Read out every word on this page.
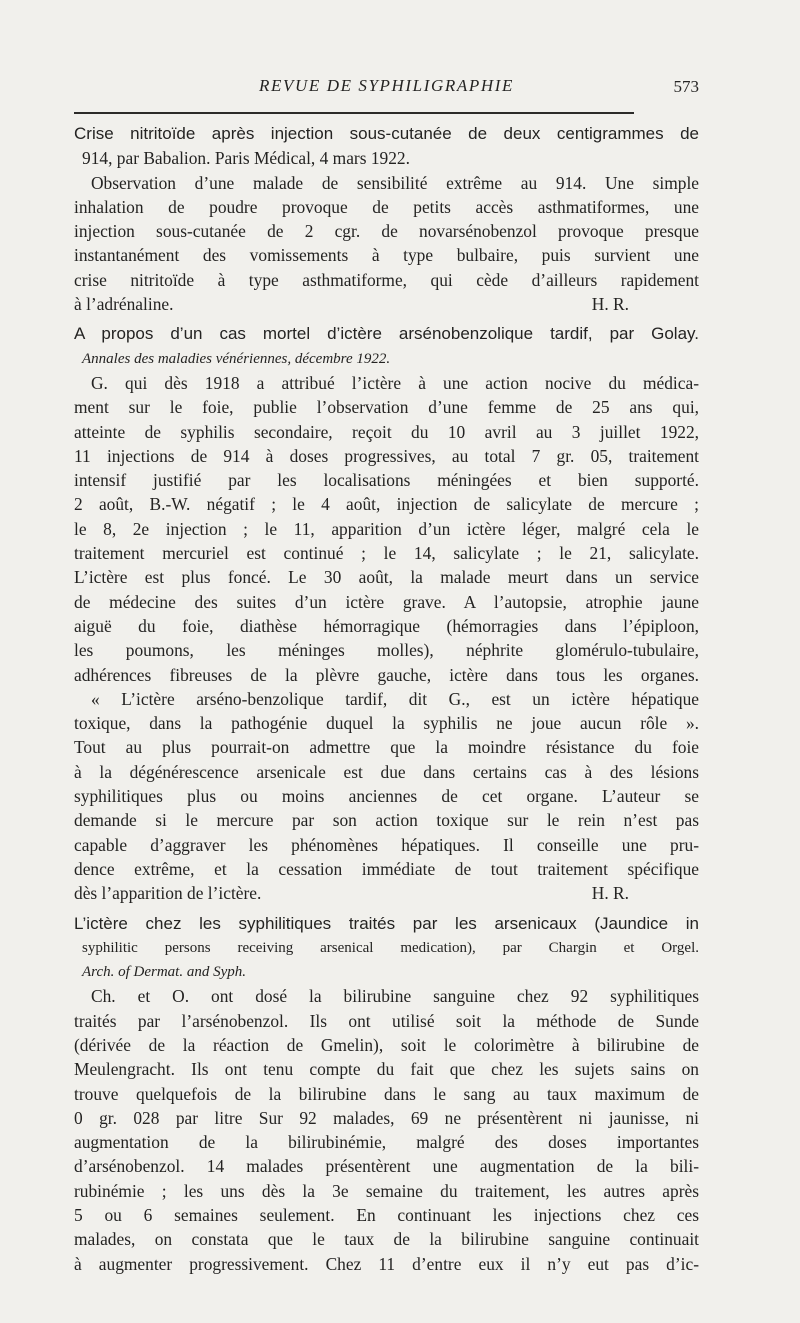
REVUE DE SYPHILIGRAPHIE	573
Crise nitritoïde après injection sous-cutanée de deux centigrammes de
914, par Babalion. Paris Médical, 4 mars 1922.
Observation d’une malade de sensibilité extrême au 914. Une simple
inhalation de poudre provoque de petits accès asthmatiformes, une
injection sous-cutanée de 2 cgr. de novarsénobenzol provoque presque
instantanément des vomissements à type bulbaire, puis survient une
crise nitritoïde à type asthmatiforme, qui cède d’ailleurs rapidement
à l’adrénaline.	H. R.
A propos d’un cas mortel d’ictère arsénobenzolique tardif, par Golay.
Annales des maladies vénériennes, décembre 1922.
G. qui dès 1918 a attribué l’ictère à une action nocive du médica-
ment sur le foie, publie l’observation d’une femme de 25 ans qui,
atteinte de syphilis secondaire, reçoit du 10 avril au 3 juillet 1922,
11 injections de 914 à doses progressives, au total 7 gr. 05, traitement
intensif justifié par les localisations méningées et bien supporté.
2 août, B.-W. négatif ; le 4 août, injection de salicylate de mercure ;
le 8, 2e injection ; le 11, apparition d’un ictère léger, malgré cela le
traitement mercuriel est continué ; le 14, salicylate ; le 21, salicylate.
L’ictère est plus foncé. Le 30 août, la malade meurt dans un service
de médecine des suites d’un ictère grave. A l’autopsie, atrophie jaune
aiguë du foie, diathèse hémorragique (hémorragies dans l’épiploon,
les poumons, les méninges molles), néphrite glomérulo-tubulaire,
adhérences fibreuses de la plèvre gauche, ictère dans tous les organes.
« L’ictère arséno-benzolique tardif, dit G., est un ictère hépatique
toxique, dans la pathogénie duquel la syphilis ne joue aucun rôle ».
Tout au plus pourrait-on admettre que la moindre résistance du foie
à la dégénérescence arsenicale est due dans certains cas à des lésions
syphilitiques plus ou moins anciennes de cet organe. L’auteur se
demande si le mercure par son action toxique sur le rein n’est pas
capable d’aggraver les phénomènes hépatiques. Il conseille une pru-
dence extrême, et la cessation immédiate de tout traitement spécifique
dès l’apparition de l’ictère.	H. R.
L’ictère chez les syphilitiques traités par les arsenicaux (Jaundice in
syphilitic persons receiving arsenical medication), par Chargin et Orgel.
Arch. of Dermat. and Syph.
Ch. et O. ont dosé la bilirubine sanguine chez 92 syphilitiques
traités par l’arsénobenzol. Ils ont utilisé soit la méthode de Sunde
(dérivée de la réaction de Gmelin), soit le colorimètre à bilirubine de
Meulengracht. Ils ont tenu compte du fait que chez les sujets sains on
trouve quelquefois de la bilirubine dans le sang au taux maximum de
0 gr. 028 par litre Sur 92 malades, 69 ne présentèrent ni jaunisse, ni
augmentation de la bilirubinémie, malgré des doses importantes
d’arsénobenzol. 14 malades présentèrent une augmentation de la bili-
rubinémie ; les uns dès la 3e semaine du traitement, les autres après
5 ou 6 semaines seulement. En continuant les injections chez ces
malades, on constata que le taux de la bilirubine sanguine continuait
à augmenter progressivement. Chez 11 d’entre eux il n’y eut pas d’ic-
